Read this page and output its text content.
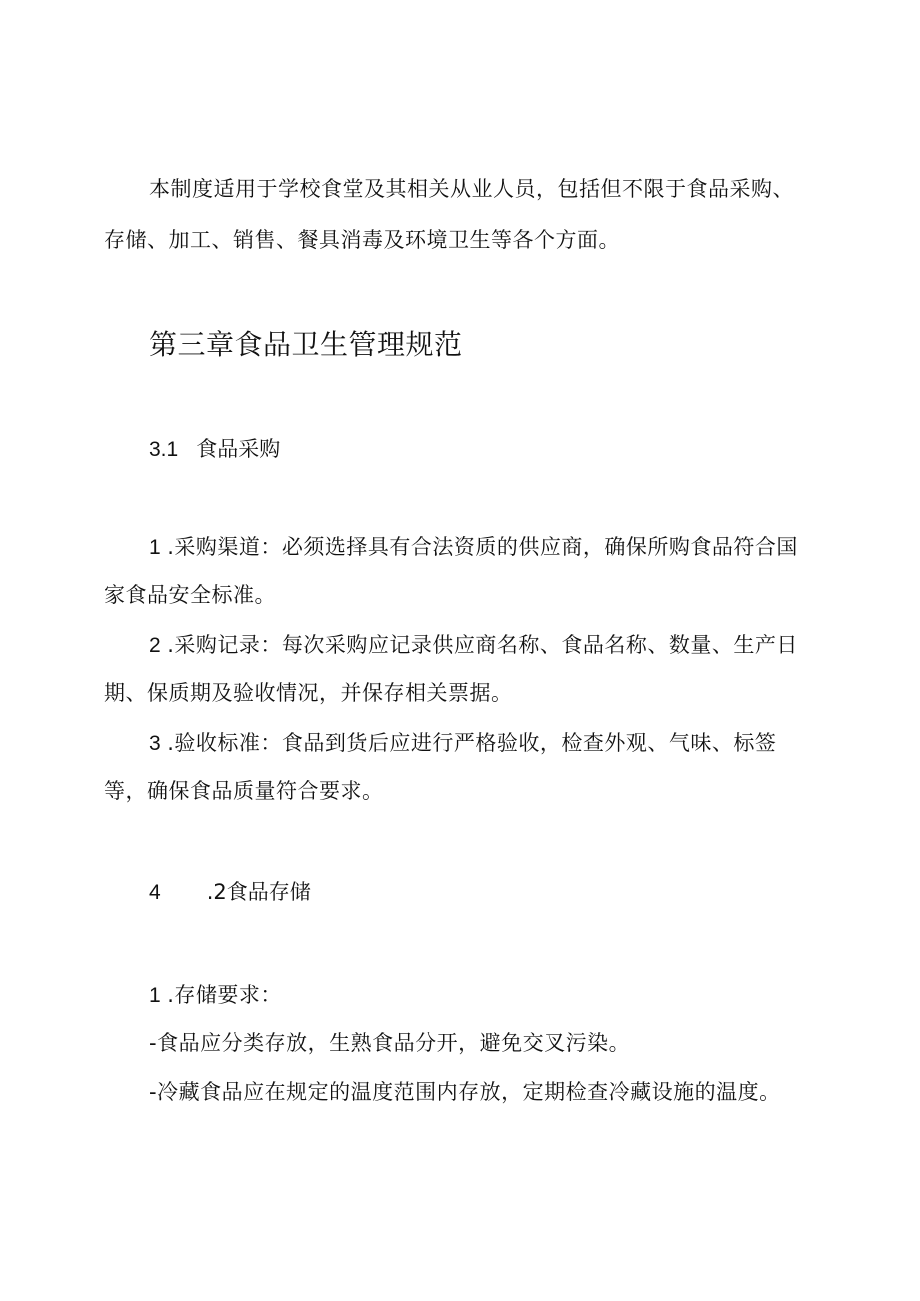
本制度适用于学校食堂及其相关从业人员，包括但不限于食品采购、

存储、加工、销售、餐具消毒及环境卫生等各个方面。

第三章食品卫生管理规范

3.1 食品采购

1 .采购渠道：必须选择具有合法资质的供应商，确保所购食品符合国

家食品安全标准。

2 .采购记录：每次采购应记录供应商名称、食品名称、数量、生产日

期、保质期及验收情况，并保存相关票据。

3 .验收标准：食品到货后应进行严格验收，检查外观、气味、标签

等，确保食品质量符合要求。

4 .2食品存储

1 .存储要求：

-食品应分类存放，生熟食品分开，避免交叉污染。

-冷藏食品应在规定的温度范围内存放，定期检查冷藏设施的温度。
